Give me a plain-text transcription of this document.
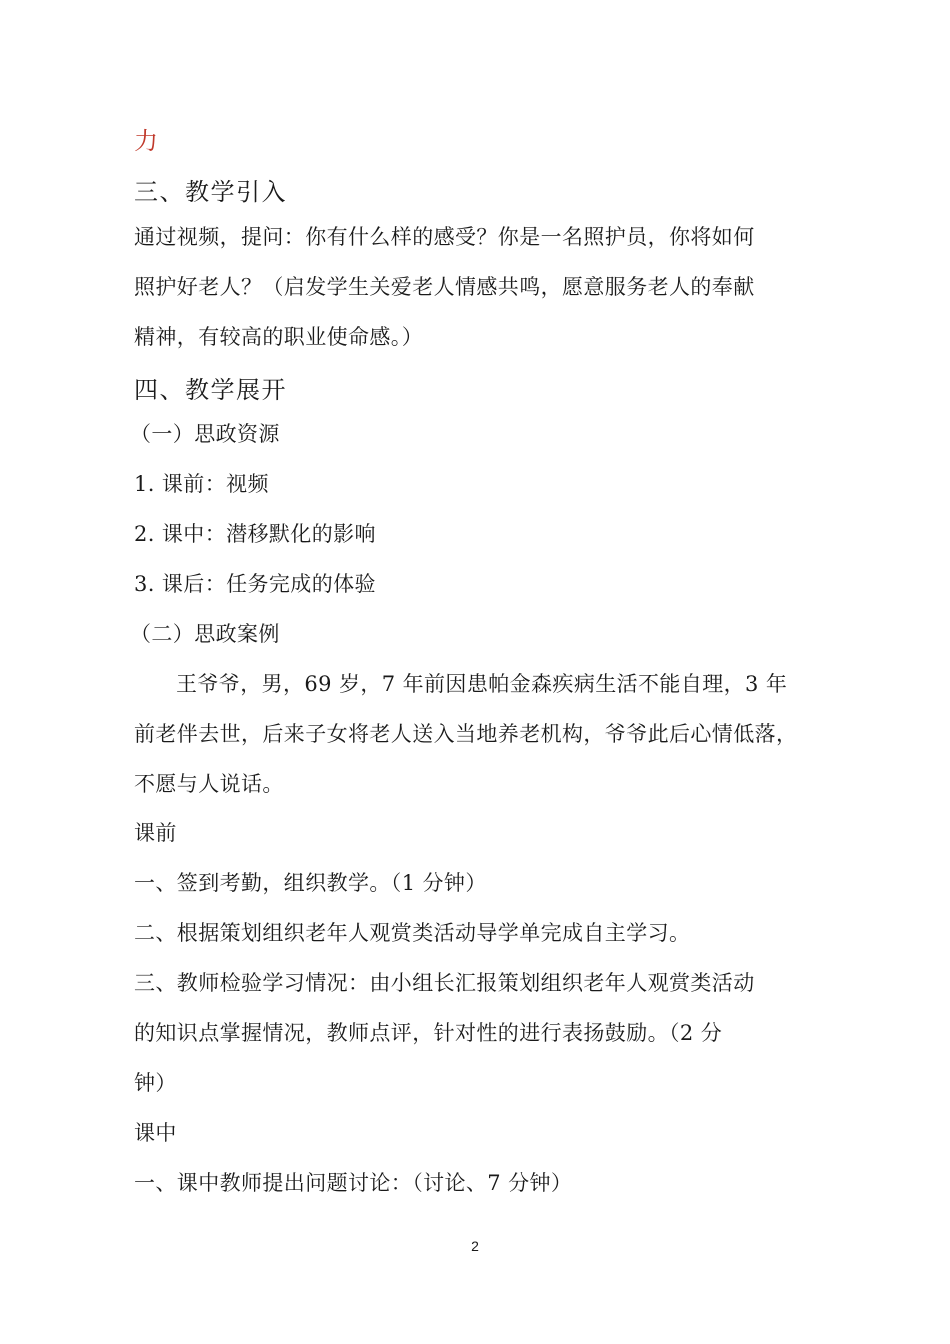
力
三、教学引入
通过视频，提问：你有什么样的感受？你是一名照护员，你将如何
照护好老人？（启发学生关爱老人情感共鸣，愿意服务老人的奉献
精神，有较高的职业使命感。）
四、教学展开
（一）思政资源
1. 课前：视频
2. 课中：潜移默化的影响
3. 课后：任务完成的体验
（二）思政案例
王爷爷，男，69 岁，7 年前因患帕金森疾病生活不能自理，3 年
前老伴去世，后来子女将老人送入当地养老机构，爷爷此后心情低落，
不愿与人说话。
课前
一、签到考勤，组织教学。（1 分钟）
二、根据策划组织老年人观赏类活动导学单完成自主学习。
三、教师检验学习情况：由小组长汇报策划组织老年人观赏类活动
的知识点掌握情况，教师点评，针对性的进行表扬鼓励。（2 分
钟）
课中
一、课中教师提出问题讨论：（讨论、7 分钟）
2
